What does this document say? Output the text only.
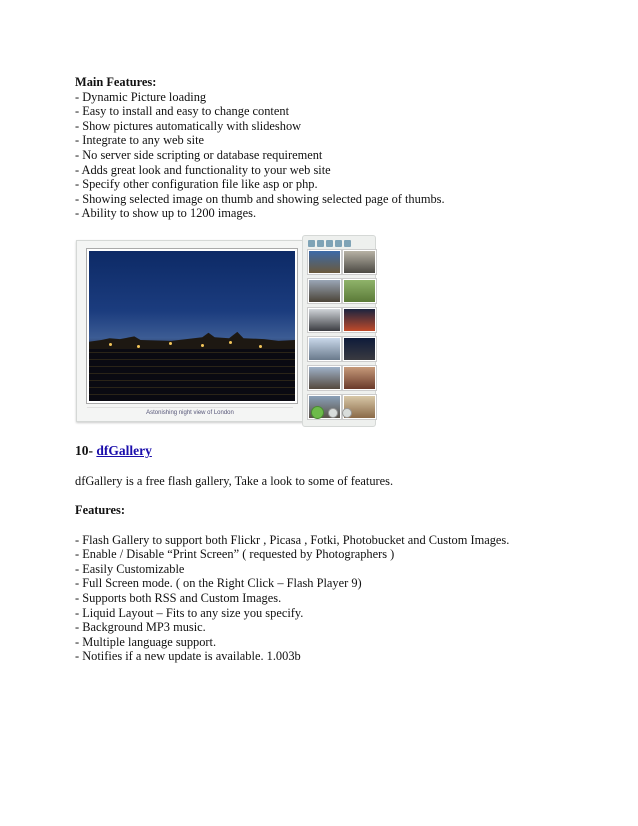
Main Features:
- Dynamic Picture loading
- Easy to install and easy to change content
- Show pictures automatically with slideshow
- Integrate to any web site
- No server side scripting or database requirement
- Adds great look and functionality to your web site
- Specify other configuration file like asp or php.
- Showing selected image on thumb and showing selected page of thumbs.
- Ability to show up to 1200 images.
Astonishing night view of London
10- dfGallery
dfGallery is a free flash gallery, Take a look to some of features.
Features:
- Flash Gallery to support both Flickr , Picasa , Fotki, Photobucket and Custom Images.
- Enable / Disable “Print Screen” ( requested by Photographers )
- Easily Customizable
- Full Screen mode. ( on the Right Click – Flash Player 9)
- Supports both RSS and Custom Images.
- Liquid Layout – Fits to any size you specify.
- Background MP3 music.
- Multiple language support.
- Notifies if a new update is available. 1.003b
